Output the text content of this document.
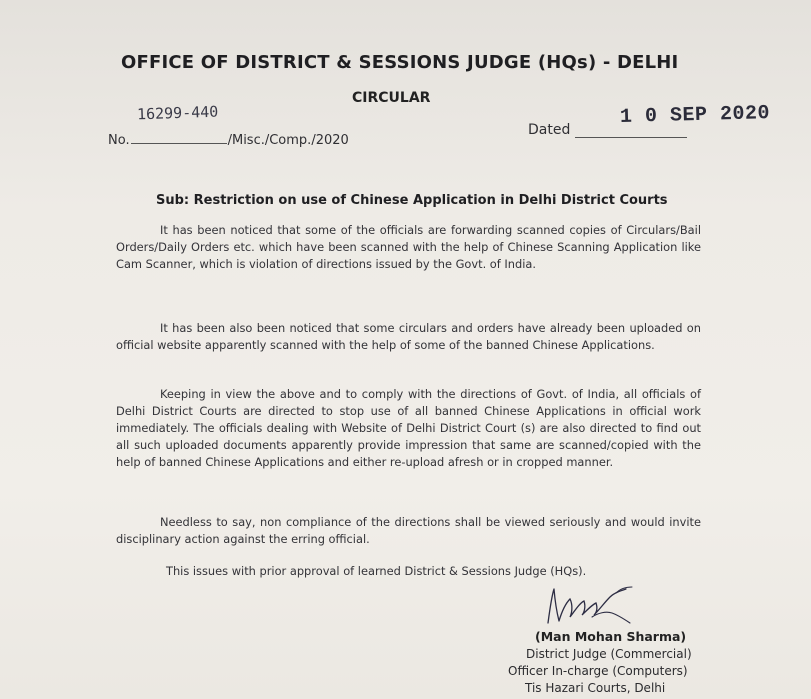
OFFICE OF DISTRICT & SESSIONS JUDGE (HQs) - DELHI
CIRCULAR
16299-440
No.	/Misc./Comp./2020
Dated
1 0 SEP 2020
Sub: Restriction on use of Chinese Application in Delhi District Courts
It has been noticed that some of the officials are forwarding scanned copies of Circulars/Bail Orders/Daily Orders etc. which have been scanned with the help of Chinese Scanning Application like Cam Scanner, which is violation of directions issued by the Govt. of India.
It has been also been noticed that some circulars and orders have already been uploaded on official website apparently scanned with the help of some of the banned Chinese Applications.
Keeping in view the above and to comply with the directions of Govt. of India, all officials of Delhi District Courts are directed to stop use of all banned Chinese Applications in official work immediately. The officials dealing with Website of Delhi District Court (s) are also directed to find out all such uploaded documents apparently provide impression that same are scanned/copied with the help of banned Chinese Applications and either re-upload afresh or in cropped manner.
Needless to say, non compliance of the directions shall be viewed seriously and would invite disciplinary action against the erring official.
This issues with prior approval of learned District & Sessions Judge (HQs).
(Man Mohan Sharma)
District Judge (Commercial)
Officer In-charge (Computers)
Tis Hazari Courts, Delhi
